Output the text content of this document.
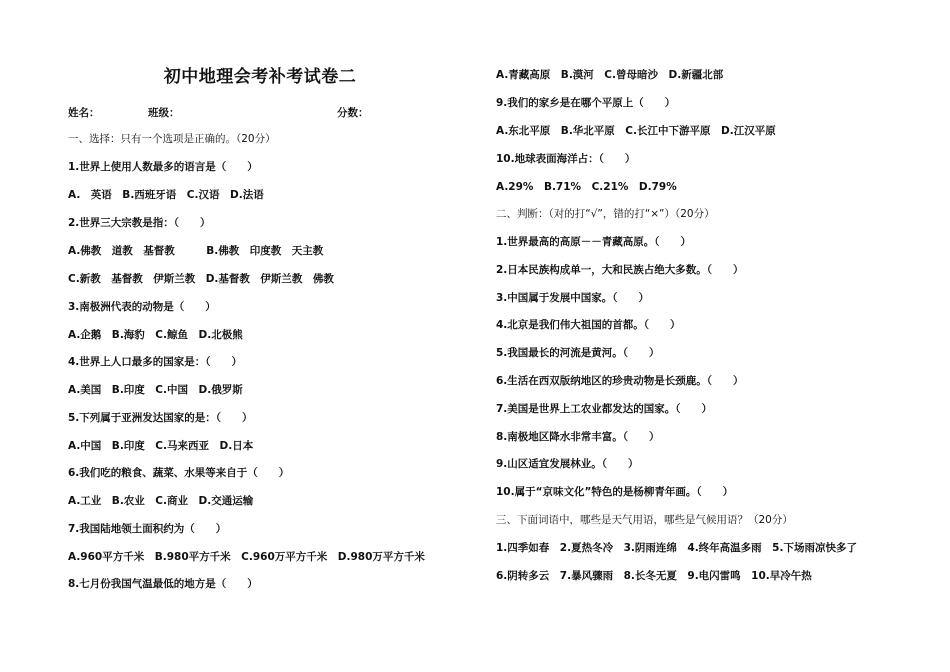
初中地理会考补考试卷二
姓名：	班级：	分数：
一、选择：只有一个选项是正确的。（20分）
1.世界上使用人数最多的语言是（　　）
A.　英语　B.西班牙语　C.汉语　D.法语
2.世界三大宗教是指：（　　）
A.佛教　道教　基督教　　　B.佛教　印度教　天主教
C.新教　基督教　伊斯兰教　D.基督教　伊斯兰教　佛教
3.南极洲代表的动物是（　　）
A.企鹅　B.海豹　C.鲸鱼　D.北极熊
4.世界上人口最多的国家是：（　　）
A.美国　B.印度　C.中国　D.俄罗斯
5.下列属于亚洲发达国家的是：（　　）
A.中国　B.印度　C.马来西亚　D.日本
6.我们吃的粮食、蔬菜、水果等来自于（　　）
A.工业　B.农业　C.商业　D.交通运输
7.我国陆地领土面积约为（　　）
A.960平方千米　B.980平方千米　C.960万平方千米　D.980万平方千米
8.七月份我国气温最低的地方是（　　）
A.青藏高原　B.漠河　C.曾母暗沙　D.新疆北部
9.我们的家乡是在哪个平原上（　　）
A.东北平原　B.华北平原　C.长江中下游平原　D.江汉平原
10.地球表面海洋占：（　　）
A.29%　B.71%　C.21%　D.79%
二、判断：（对的打“√”，错的打“×”）（20分）
1.世界最高的高原－－青藏高原。（　　）
2.日本民族构成单一，大和民族占绝大多数。（　　）
3.中国属于发展中国家。（　　）
4.北京是我们伟大祖国的首都。（　　）
5.我国最长的河流是黄河。（　　）
6.生活在西双版纳地区的珍贵动物是长颈鹿。（　　）
7.美国是世界上工农业都发达的国家。（　　）
8.南极地区降水非常丰富。（　　）
9.山区适宜发展林业。（　　）
10.属于“京味文化”特色的是杨柳青年画。（　　）
三、下面词语中，哪些是天气用语，哪些是气候用语？（20分）
1.四季如春　2.夏热冬冷　3.阴雨连绵　4.终年高温多雨　5.下场雨凉快多了
6.阴转多云　7.暴风骤雨　8.长冬无夏　9.电闪雷鸣　10.早冷午热
